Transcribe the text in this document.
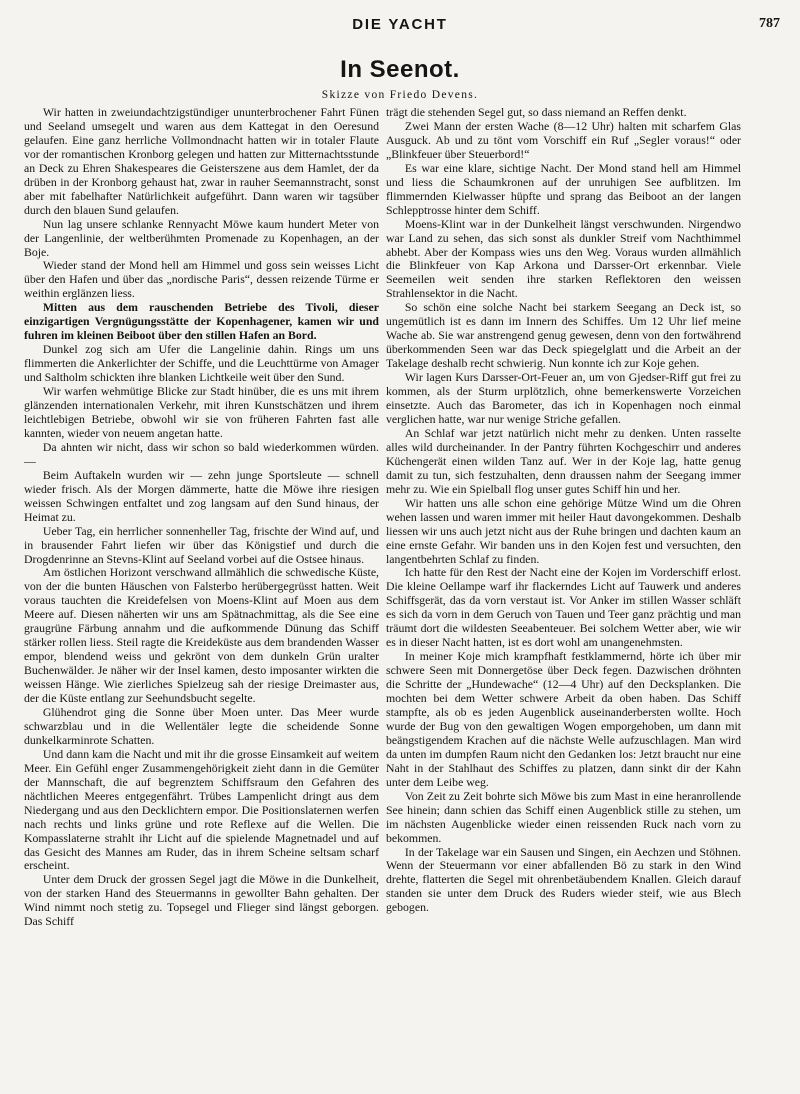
DIE YACHT	787
In Seenot.
Skizze von Friedo Devens.

Wir hatten in zweiundachtzigstündiger ununterbrochener Fahrt Fünen und Seeland umsegelt und waren aus dem Kattegat in den Oeresund gelaufen. Eine ganz herrliche Vollmondnacht hatten wir in totaler Flaute vor der romantischen Kronborg gelegen und hatten zur Mitternachtsstunde an Deck zu Ehren Shakespeares die Geisterszene aus dem Hamlet, der da drüben in der Kronborg gehaust hat, zwar in rauher Seemannstracht, sonst aber mit fabelhafter Natürlichkeit aufgeführt. Dann waren wir tagsüber durch den blauen Sund gelaufen.

Nun lag unsere schlanke Rennyacht Möwe kaum hundert Meter von der Langenlinie, der weltberühmten Promenade zu Kopenhagen, an der Boje.

Wieder stand der Mond hell am Himmel und goss sein weisses Licht über den Hafen und über das „nordische Paris“, dessen reizende Türme er weithin erglänzen liess.

Mitten aus dem rauschenden Betriebe des Tivoli, dieser einzigartigen Vergnügungsstätte der Kopenhagener, kamen wir und fuhren im kleinen Beiboot über den stillen Hafen an Bord.

Dunkel zog sich am Ufer die Langelinie dahin. Rings um uns flimmerten die Ankerlichter der Schiffe, und die Leuchttürme von Amager und Saltholm schickten ihre blanken Lichtkeile weit über den Sund.

Wir warfen wehmütige Blicke zur Stadt hinüber, die es uns mit ihrem glänzenden internationalen Verkehr, mit ihren Kunstschätzen und ihrem leichtlebigen Betriebe, obwohl wir sie von früheren Fahrten fast alle kannten, wieder von neuem angetan hatte.

Da ahnten wir nicht, dass wir schon so bald wiederkommen würden. —

Beim Auftakeln wurden wir — zehn junge Sportsleute — schnell wieder frisch. Als der Morgen dämmerte, hatte die Möwe ihre riesigen weissen Schwingen entfaltet und zog langsam auf den Sund hinaus, der Heimat zu.

Ueber Tag, ein herrlicher sonnenheller Tag, frischte der Wind auf, und in brausender Fahrt liefen wir über das Königstief und durch die Drogdenrinne an Stevns-Klint auf Seeland vorbei auf die Ostsee hinaus.

Am östlichen Horizont verschwand allmählich die schwedische Küste, von der die bunten Häuschen von Falsterbo herübergegrüsst hatten. Weit voraus tauchten die Kreidefelsen von Moens-Klint auf Moen aus dem Meere auf. Diesen näherten wir uns am Spätnachmittag, als die See eine graugrüne Färbung annahm und die aufkommende Dünung das Schiff stärker rollen liess. Steil ragte die Kreideküste aus dem brandenden Wasser empor, blendend weiss und gekrönt von dem dunkeln Grün uralter Buchenwälder. Je näher wir der Insel kamen, desto imposanter wirkten die weissen Hänge. Wie zierliches Spielzeug sah der riesige Dreimaster aus, der die Küste entlang zur Seehundsbucht segelte.

Glühendrot ging die Sonne über Moen unter. Das Meer wurde schwarzblau und in die Wellentäler legte die scheidende Sonne dunkelkarminrote Schatten.

Und dann kam die Nacht und mit ihr die grosse Einsamkeit auf weitem Meer. Ein Gefühl enger Zusammengehörigkeit zieht dann in die Gemüter der Mannschaft, die auf begrenztem Schiffsraum den Gefahren des nächtlichen Meeres entgegenfährt. Trübes Lampenlicht dringt aus dem Niedergang und aus den Decklichtern empor. Die Positionslaternen werfen nach rechts und links grüne und rote Reflexe auf die Wellen. Die Kompasslaterne strahlt ihr Licht auf die spielende Magnetnadel und auf das Gesicht des Mannes am Ruder, das in ihrem Scheine seltsam scharf erscheint.

Unter dem Druck der grossen Segel jagt die Möwe in die Dunkelheit, von der starken Hand des Steuermanns in gewollter Bahn gehalten. Der Wind nimmt noch stetig zu. Topsegel und Flieger sind längst geborgen. Das Schiff

trägt die stehenden Segel gut, so dass niemand an Reffen denkt.

Zwei Mann der ersten Wache (8—12 Uhr) halten mit scharfem Glas Ausguck. Ab und zu tönt vom Vorschiff ein Ruf „Segler voraus!“ oder „Blinkfeuer über Steuerbord!“

Es war eine klare, sichtige Nacht. Der Mond stand hell am Himmel und liess die Schaumkronen auf der unruhigen See aufblitzen. Im flimmernden Kielwasser hüpfte und sprang das Beiboot an der langen Schlepptrosse hinter dem Schiff.

Moens-Klint war in der Dunkelheit längst verschwunden. Nirgendwo war Land zu sehen, das sich sonst als dunkler Streif vom Nachthimmel abhebt. Aber der Kompass wies uns den Weg. Voraus wurden allmählich die Blinkfeuer von Kap Arkona und Darsser-Ort erkennbar. Viele Seemeilen weit senden ihre starken Reflektoren den weissen Strahlensektor in die Nacht.

So schön eine solche Nacht bei starkem Seegang an Deck ist, so ungemütlich ist es dann im Innern des Schiffes. Um 12 Uhr lief meine Wache ab. Sie war anstrengend genug gewesen, denn von den fortwährend überkommenden Seen war das Deck spiegelglatt und die Arbeit an der Takelage deshalb recht schwierig. Nun konnte ich zur Koje gehen.

Wir lagen Kurs Darsser-Ort-Feuer an, um von Gjedser-Riff gut frei zu kommen, als der Sturm urplötzlich, ohne bemerkenswerte Vorzeichen einsetzte. Auch das Barometer, das ich in Kopenhagen noch einmal verglichen hatte, war nur wenige Striche gefallen.

An Schlaf war jetzt natürlich nicht mehr zu denken. Unten rasselte alles wild durcheinander. In der Pantry führten Kochgeschirr und anderes Küchengerät einen wilden Tanz auf. Wer in der Koje lag, hatte genug damit zu tun, sich festzuhalten, denn draussen nahm der Seegang immer mehr zu. Wie ein Spielball flog unser gutes Schiff hin und her.

Wir hatten uns alle schon eine gehörige Mütze Wind um die Ohren wehen lassen und waren immer mit heiler Haut davongekommen. Deshalb liessen wir uns auch jetzt nicht aus der Ruhe bringen und dachten kaum an eine ernste Gefahr. Wir banden uns in den Kojen fest und versuchten, den langentbehrten Schlaf zu finden.

Ich hatte für den Rest der Nacht eine der Kojen im Vorderschiff erlost. Die kleine Oellampe warf ihr flackerndes Licht auf Tauwerk und anderes Schiffsgerät, das da vorn verstaut ist. Vor Anker im stillen Wasser schläft es sich da vorn in dem Geruch von Tauen und Teer ganz prächtig und man träumt dort die wildesten Seeabenteuer. Bei solchem Wetter aber, wie wir es in dieser Nacht hatten, ist es dort wohl am unangenehmsten.

In meiner Koje mich krampfhaft festklammernd, hörte ich über mir schwere Seen mit Donnergetöse über Deck fegen. Dazwischen dröhnten die Schritte der „Hundewache“ (12—4 Uhr) auf den Decksplanken. Die mochten bei dem Wetter schwere Arbeit da oben haben. Das Schiff stampfte, als ob es jeden Augenblick auseinanderbersten wollte. Hoch wurde der Bug von den gewaltigen Wogen emporgehoben, um dann mit beängstigendem Krachen auf die nächste Welle aufzuschlagen. Man wird da unten im dumpfen Raum nicht den Gedanken los: Jetzt braucht nur eine Naht in der Stahlhaut des Schiffes zu platzen, dann sinkt dir der Kahn unter dem Leibe weg.

Von Zeit zu Zeit bohrte sich Möwe bis zum Mast in eine heranrollende See hinein; dann schien das Schiff einen Augenblick stille zu stehen, um im nächsten Augenblicke wieder einen reissenden Ruck nach vorn zu bekommen.

In der Takelage war ein Sausen und Singen, ein Aechzen und Stöhnen. Wenn der Steuermann vor einer abfallenden Bö zu stark in den Wind drehte, flatterten die Segel mit ohrenbetäubendem Knallen. Gleich darauf standen sie unter dem Druck des Ruders wieder steif, wie aus Blech gebogen.
